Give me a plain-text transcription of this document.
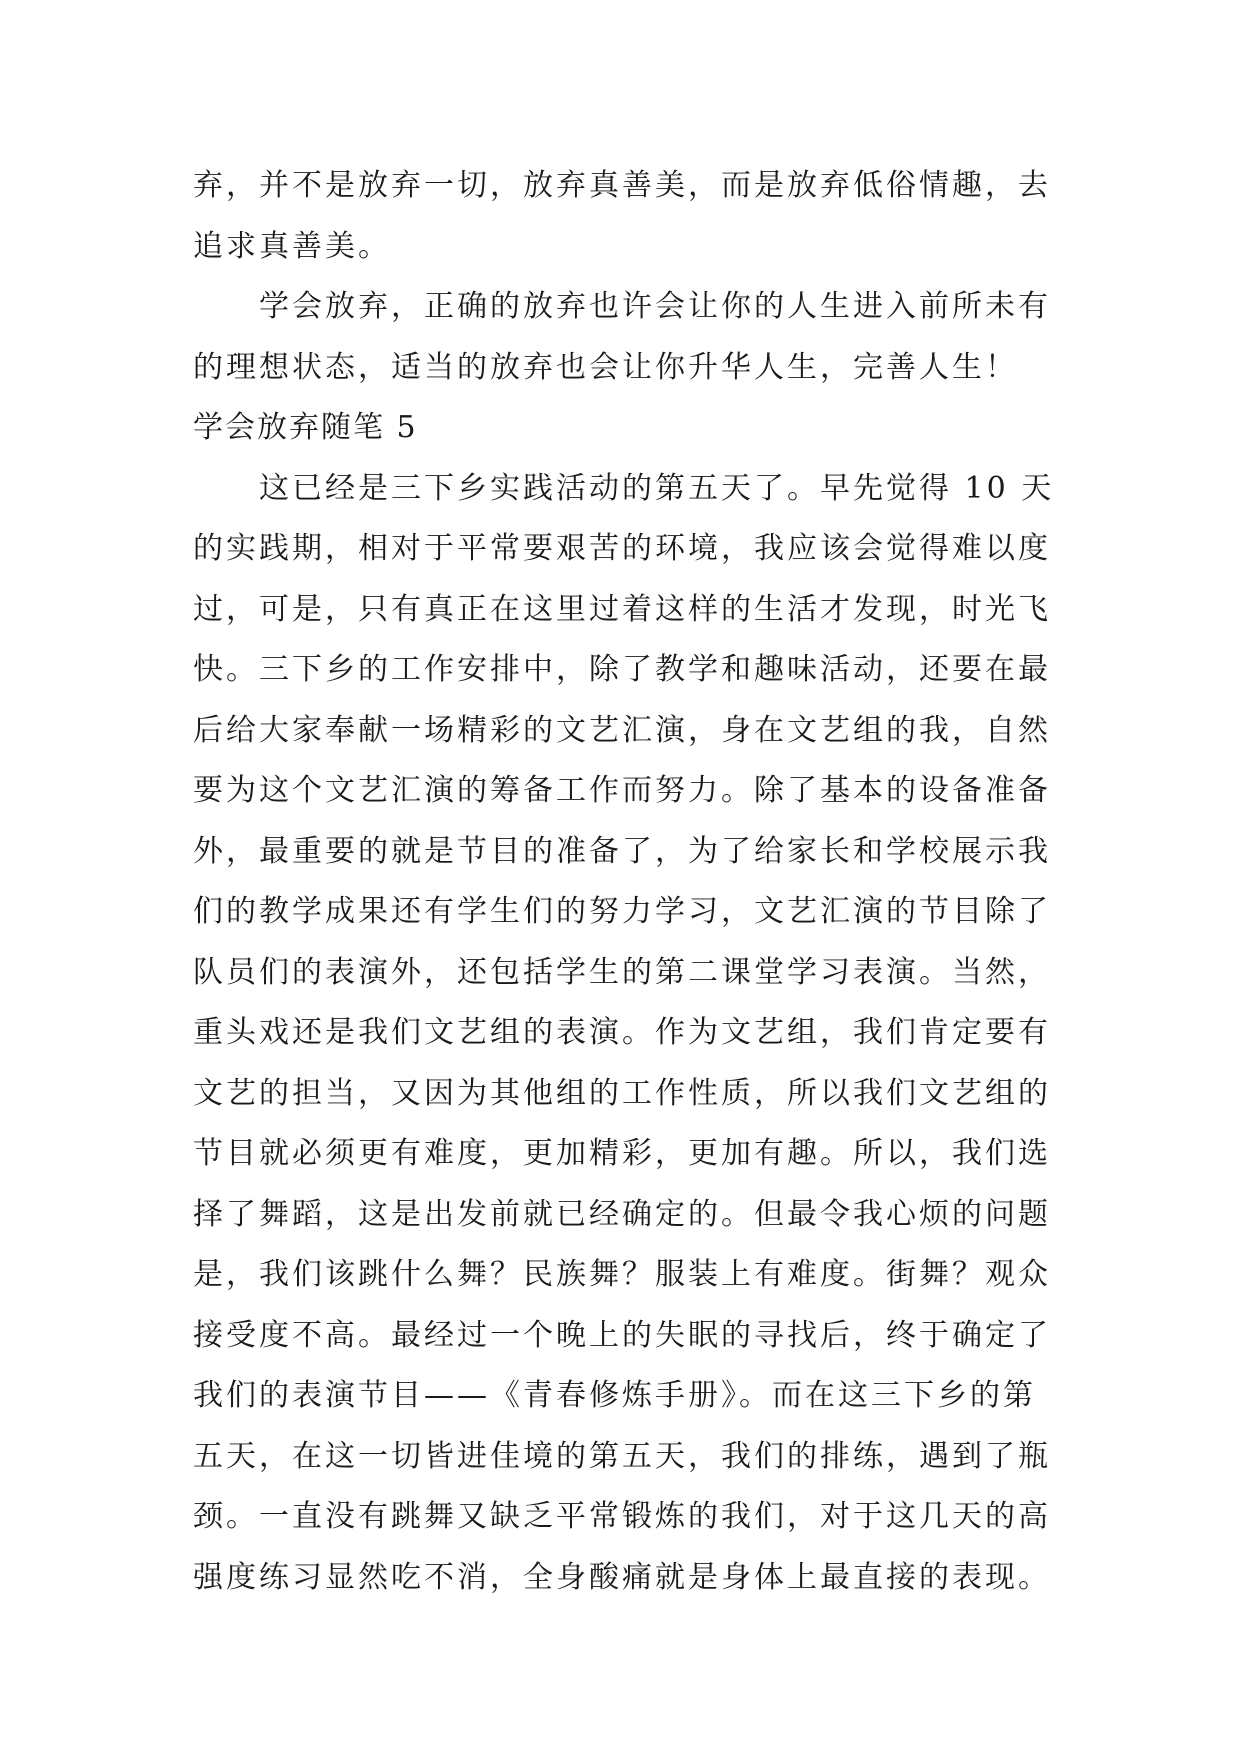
弃，并不是放弃一切，放弃真善美，而是放弃低俗情趣，去
追求真善美。
学会放弃，正确的放弃也许会让你的人生进入前所未有
的理想状态，适当的放弃也会让你升华人生，完善人生！
学会放弃随笔 5
这已经是三下乡实践活动的第五天了。早先觉得 10 天
的实践期，相对于平常要艰苦的环境，我应该会觉得难以度
过，可是，只有真正在这里过着这样的生活才发现，时光飞
快。三下乡的工作安排中，除了教学和趣味活动，还要在最
后给大家奉献一场精彩的文艺汇演，身在文艺组的我，自然
要为这个文艺汇演的筹备工作而努力。除了基本的设备准备
外，最重要的就是节目的准备了，为了给家长和学校展示我
们的教学成果还有学生们的努力学习，文艺汇演的节目除了
队员们的表演外，还包括学生的第二课堂学习表演。当然，
重头戏还是我们文艺组的表演。作为文艺组，我们肯定要有
文艺的担当，又因为其他组的工作性质，所以我们文艺组的
节目就必须更有难度，更加精彩，更加有趣。所以，我们选
择了舞蹈，这是出发前就已经确定的。但最令我心烦的问题
是，我们该跳什么舞？民族舞？服装上有难度。街舞？观众
接受度不高。最经过一个晚上的失眠的寻找后，终于确定了
我们的表演节目——《青春修炼手册》。而在这三下乡的第
五天，在这一切皆进佳境的第五天，我们的排练，遇到了瓶
颈。一直没有跳舞又缺乏平常锻炼的我们，对于这几天的高
强度练习显然吃不消，全身酸痛就是身体上最直接的表现。
